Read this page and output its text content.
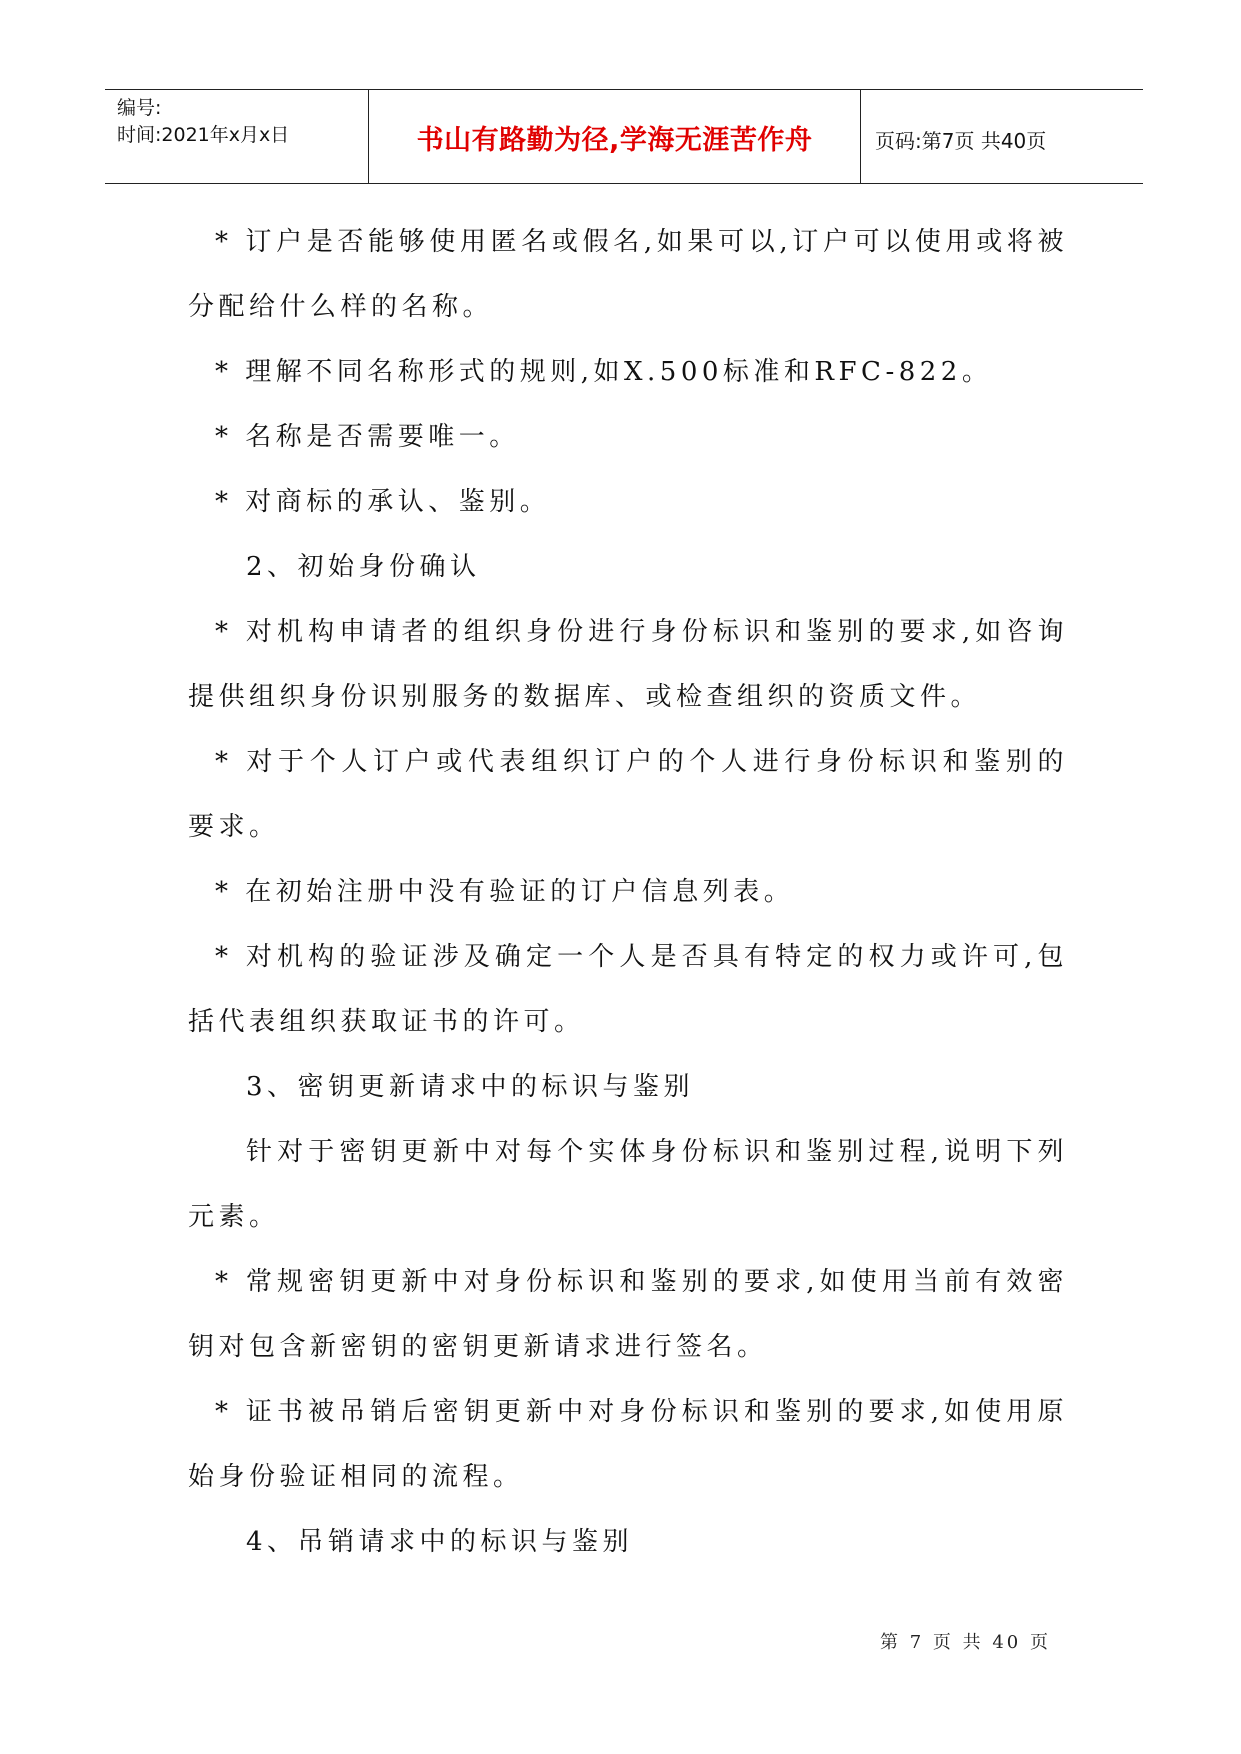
编号:
时间:2021年x月x日	书山有路勤为径,学海无涯苦作舟	页码:第7页 共40页

* 订户是否能够使用匿名或假名,如果可以,订户可以使用或将被分配给什么样的名称。

* 理解不同名称形式的规则,如X.500标准和RFC-822。

* 名称是否需要唯一。

* 对商标的承认、鉴别。

2、初始身份确认

* 对机构申请者的组织身份进行身份标识和鉴别的要求,如咨询提供组织身份识别服务的数据库、或检查组织的资质文件。

* 对于个人订户或代表组织订户的个人进行身份标识和鉴别的要求。

* 在初始注册中没有验证的订户信息列表。

* 对机构的验证涉及确定一个人是否具有特定的权力或许可,包括代表组织获取证书的许可。

3、密钥更新请求中的标识与鉴别

针对于密钥更新中对每个实体身份标识和鉴别过程,说明下列元素。

* 常规密钥更新中对身份标识和鉴别的要求,如使用当前有效密钥对包含新密钥的密钥更新请求进行签名。

* 证书被吊销后密钥更新中对身份标识和鉴别的要求,如使用原始身份验证相同的流程。

4、吊销请求中的标识与鉴别

第 7 页 共 40 页
